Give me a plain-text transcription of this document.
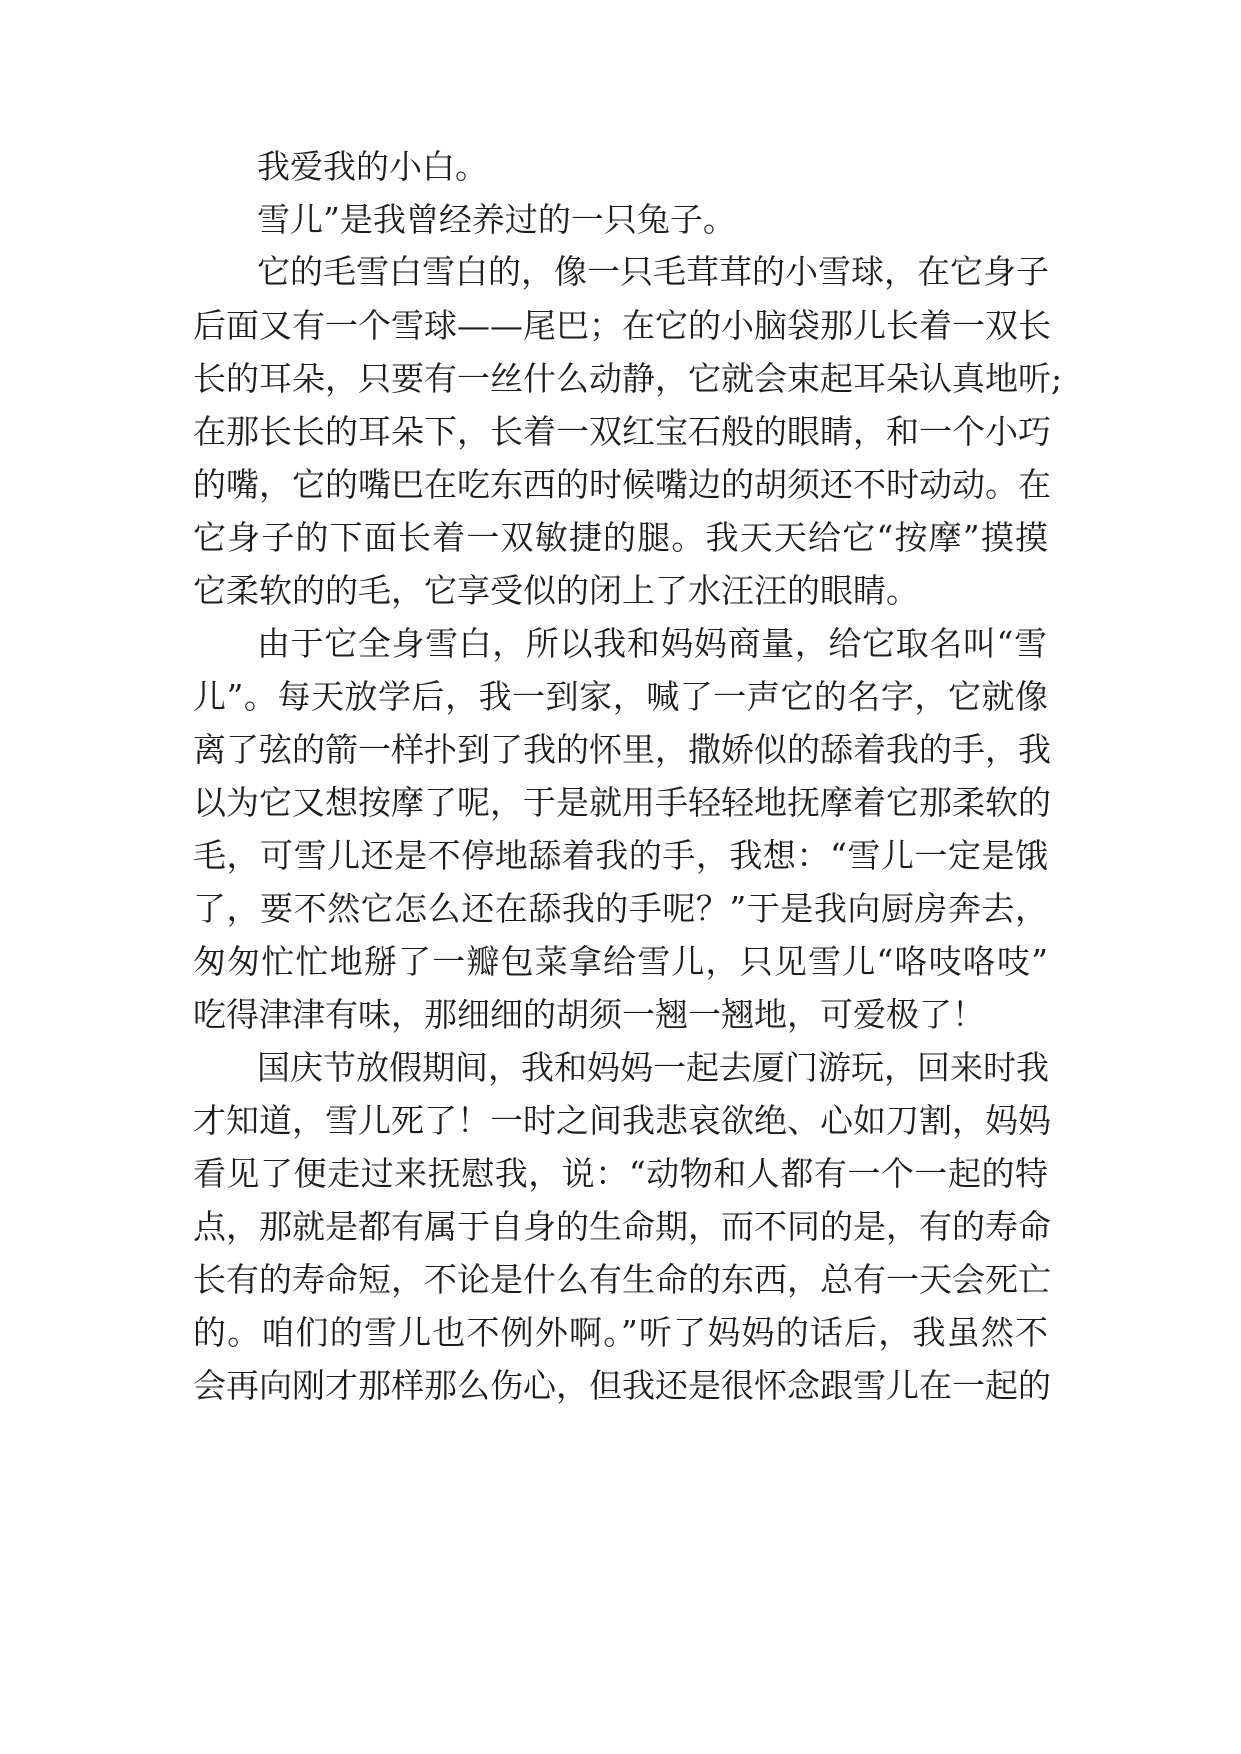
我爱我的小白。
雪儿”是我曾经养过的一只兔子。
它的毛雪白雪白的，像一只毛茸茸的小雪球，在它身子
后面又有一个雪球——尾巴；在它的小脑袋那儿长着一双长
长的耳朵，只要有一丝什么动静，它就会束起耳朵认真地听;
在那长长的耳朵下，长着一双红宝石般的眼睛，和一个小巧
的嘴，它的嘴巴在吃东西的时候嘴边的胡须还不时动动。在
它身子的下面长着一双敏捷的腿。我天天给它“按摩”摸摸
它柔软的的毛，它享受似的闭上了水汪汪的眼睛。
由于它全身雪白，所以我和妈妈商量，给它取名叫“雪
儿”。每天放学后，我一到家，喊了一声它的名字，它就像
离了弦的箭一样扑到了我的怀里，撒娇似的舔着我的手，我
以为它又想按摩了呢，于是就用手轻轻地抚摩着它那柔软的
毛，可雪儿还是不停地舔着我的手，我想：“雪儿一定是饿
了，要不然它怎么还在舔我的手呢？”于是我向厨房奔去，
匆匆忙忙地掰了一瓣包菜拿给雪儿，只见雪儿“咯吱咯吱”
吃得津津有味，那细细的胡须一翘一翘地，可爱极了！
国庆节放假期间，我和妈妈一起去厦门游玩，回来时我
才知道，雪儿死了！一时之间我悲哀欲绝、心如刀割，妈妈
看见了便走过来抚慰我，说：“动物和人都有一个一起的特
点，那就是都有属于自身的生命期，而不同的是，有的寿命
长有的寿命短，不论是什么有生命的东西，总有一天会死亡
的。咱们的雪儿也不例外啊。”听了妈妈的话后，我虽然不
会再向刚才那样那么伤心，但我还是很怀念跟雪儿在一起的
